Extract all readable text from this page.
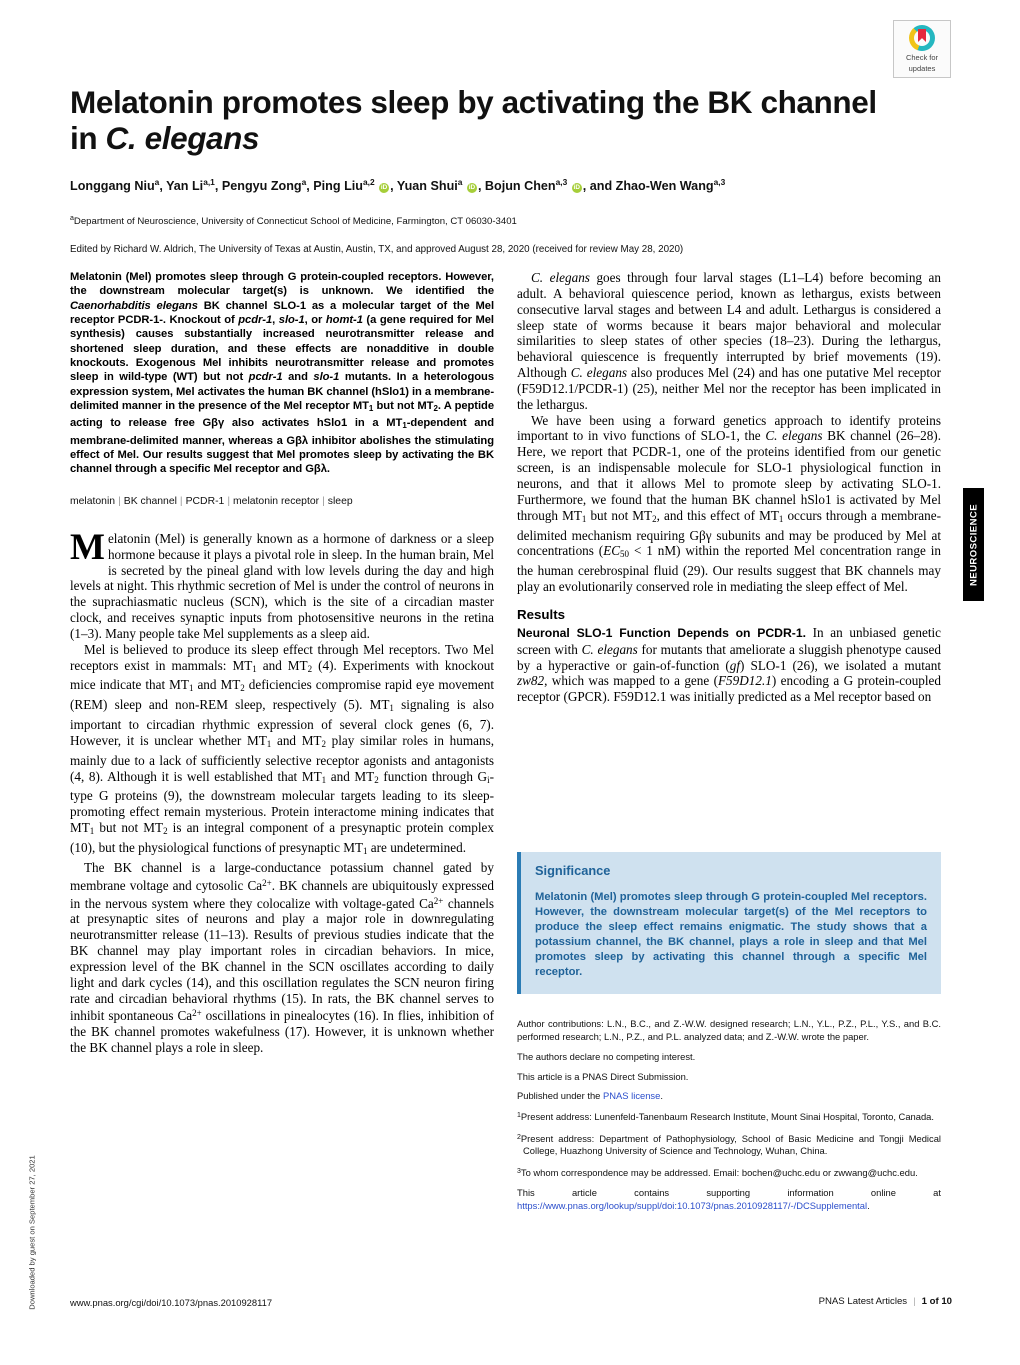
Check for
updates
Melatonin promotes sleep by activating the BK channel
in C. elegans
Longgang Niu$^a$, Yan Li$^{a,1}$, Pengyu Zong$^a$, Ping Liu$^{a,2}$ iD , Yuan Shui$^a$ iD , Bojun Chen$^{a,3}$ iD , and Zhao-Wen Wang$^{a,3}$
$^a$Department of Neuroscience, University of Connecticut School of Medicine, Farmington, CT 06030-3401
Edited by Richard W. Aldrich, The University of Texas at Austin, Austin, TX, and approved August 28, 2020 (received for review May 28, 2020)
Melatonin (Mel) promotes sleep through G protein-coupled receptors. However, the downstream molecular target(s) is unknown. We identified the Caenorhabditis elegans BK channel SLO-1 as a molecular target of the Mel receptor PCDR-1-. Knockout of pcdr-1, slo-1, or homt-1 (a gene required for Mel synthesis) causes substantially increased neurotransmitter release and shortened sleep duration, and these effects are nonadditive in double knockouts. Exogenous Mel inhibits neurotransmitter release and promotes sleep in wild-type (WT) but not pcdr-1 and slo-1 mutants. In a heterologous expression system, Mel activates the human BK channel (hSlo1) in a membrane-delimited manner in the presence of the Mel receptor $MT_1$ but not $MT_2$. A peptide acting to release free Gβγ also activates hSlo1 in a $MT_1$-dependent and membrane-delimited manner, whereas a Gβλ inhibitor abolishes the stimulating effect of Mel. Our results suggest that Mel promotes sleep by activating the BK channel through a specific Mel receptor and Gβλ.
melatonin | BK channel | PCDR-1 | melatonin receptor | sleep
M elatonin (Mel) is generally known as a hormone of darkness or a sleep hormone because it plays a pivotal role in sleep. In the human brain, Mel is secreted by the pineal gland with low levels during the day and high levels at night. This rhythmic secretion of Mel is under the control of neurons in the suprachiasmatic nucleus (SCN), which is the site of a circadian master clock, and receives synaptic inputs from photosensitive neurons in the retina (1–3). Many people take Mel supplements as a sleep aid.

Mel is believed to produce its sleep effect through Mel receptors. Two Mel receptors exist in mammals: $MT_1$ and $MT_2$ (4). Experiments with knockout mice indicate that $MT_1$ and $MT_2$ deficiencies compromise rapid eye movement (REM) sleep and non-REM sleep, respectively (5). $MT_1$ signaling is also important to circadian rhythmic expression of several clock genes (6, 7). However, it is unclear whether $MT_1$ and $MT_2$ play similar roles in humans, mainly due to a lack of sufficiently selective receptor agonists and antagonists (4, 8). Although it is well established that $MT_1$ and $MT_2$ function through $G_i$-type G proteins (9), the downstream molecular targets leading to its sleep-promoting effect remain mysterious. Protein interactome mining indicates that $MT_1$ but not $MT_2$ is an integral component of a presynaptic protein complex (10), but the physiological functions of presynaptic $MT_1$ are undetermined.

The BK channel is a large-conductance potassium channel gated by membrane voltage and cytosolic $Ca^{2+}$. BK channels are ubiquitously expressed in the nervous system where they colocalize with voltage-gated $Ca^{2+}$ channels at presynaptic sites of neurons and play a major role in downregulating neurotransmitter release (11–13). Results of previous studies indicate that the BK channel may play important roles in circadian behaviors. In mice, expression level of the BK channel in the SCN oscillates according to daily light and dark cycles (14), and this oscillation regulates the SCN neuron firing rate and circadian behavioral rhythms (15). In rats, the BK channel serves to inhibit spontaneous $Ca^{2+}$ oscillations in pinealocytes (16). In flies, inhibition of the BK channel promotes wakefulness (17). However, it is unknown whether the BK channel plays a role in sleep.

C. elegans goes through four larval stages (L1–L4) before becoming an adult. A behavioral quiescence period, known as lethargus, exists between consecutive larval stages and between L4 and adult. Lethargus is considered a sleep state of worms because it bears major behavioral and molecular similarities to sleep states of other species (18–23). During the lethargus, behavioral quiescence is frequently interrupted by brief movements (19). Although C. elegans also produces Mel (24) and has one putative Mel receptor (F59D12.1/PCDR-1) (25), neither Mel nor the receptor has been implicated in the lethargus.

We have been using a forward genetics approach to identify proteins important to in vivo functions of SLO-1, the C. elegans BK channel (26–28). Here, we report that PCDR-1, one of the proteins identified from our genetic screen, is an indispensable molecule for SLO-1 physiological function in neurons, and that it allows Mel to promote sleep by activating SLO-1. Furthermore, we found that the human BK channel hSlo1 is activated by Mel through $MT_1$ but not $MT_2$, and this effect of $MT_1$ occurs through a membrane-delimited mechanism requiring Gβγ subunits and may be produced by Mel at concentrations ($EC_{50} < 1$ nM) within the reported Mel concentration range in the human cerebrospinal fluid (29). Our results suggest that BK channels may play an evolutionarily conserved role in mediating the sleep effect of Mel.

Results

Neuronal SLO-1 Function Depends on PCDR-1. In an unbiased genetic screen with C. elegans for mutants that ameliorate a sluggish phenotype caused by a hyperactive or gain-of-function (gf) SLO-1 (26), we isolated a mutant zw82, which was mapped to a gene (F59D12.1) encoding a G protein-coupled receptor (GPCR). F59D12.1 was initially predicted as a Mel receptor based on

Significance
Melatonin (Mel) promotes sleep through G protein-coupled Mel receptors. However, the downstream molecular target(s) of the Mel receptors to produce the sleep effect remains enigmatic. The study shows that a potassium channel, the BK channel, plays a role in sleep and that Mel promotes sleep by activating this channel through a specific Mel receptor.

Author contributions: L.N., B.C., and Z.-W.W. designed research; L.N., Y.L., P.Z., P.L., Y.S., and B.C. performed research; L.N., P.Z., and P.L. analyzed data; and Z.-W.W. wrote the paper.

The authors declare no competing interest.

This article is a PNAS Direct Submission.

Published under the PNAS license.

$^1$Present address: Lunenfeld-Tanenbaum Research Institute, Mount Sinai Hospital, Toronto, Canada.

$^2$Present address: Department of Pathophysiology, School of Basic Medicine and Tongji Medical College, Huazhong University of Science and Technology, Wuhan, China.

$^3$To whom correspondence may be addressed. Email: bochen@uchc.edu or zwwang@uchc.edu.

This article contains supporting information online at https://www.pnas.org/lookup/suppl/doi:10.1073/pnas.2010928117/-/DCSupplemental.

www.pnas.org/cgi/doi/10.1073/pnas.2010928117	PNAS Latest Articles | 1 of 10
NEUROSCIENCE
Downloaded by guest on September 27, 2021
